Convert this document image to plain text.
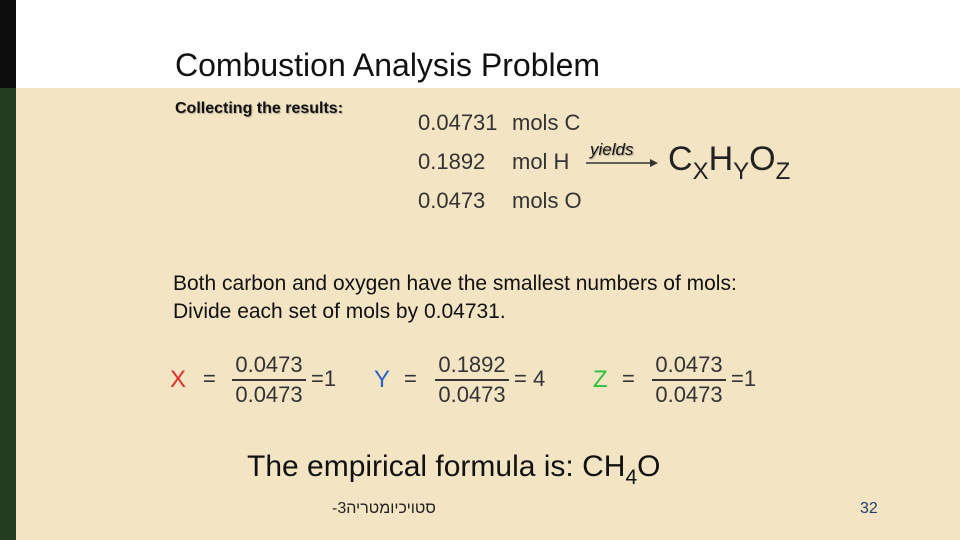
Combustion Analysis Problem
Collecting the results:
0.04731 mols C
0.1892 mol H
0.0473 mols O
yields $C_XH_YO_Z$
Both carbon and oxygen have the smallest numbers of mols: Divide each set of mols by 0.04731.
X =
0.0473
0.0473
=1 Y =
0.1892
0.0473
= 4 Z =
0.0473
0.0473
=1
The empirical formula is: $CH_4O$
סטויכיומטריה3-	32
